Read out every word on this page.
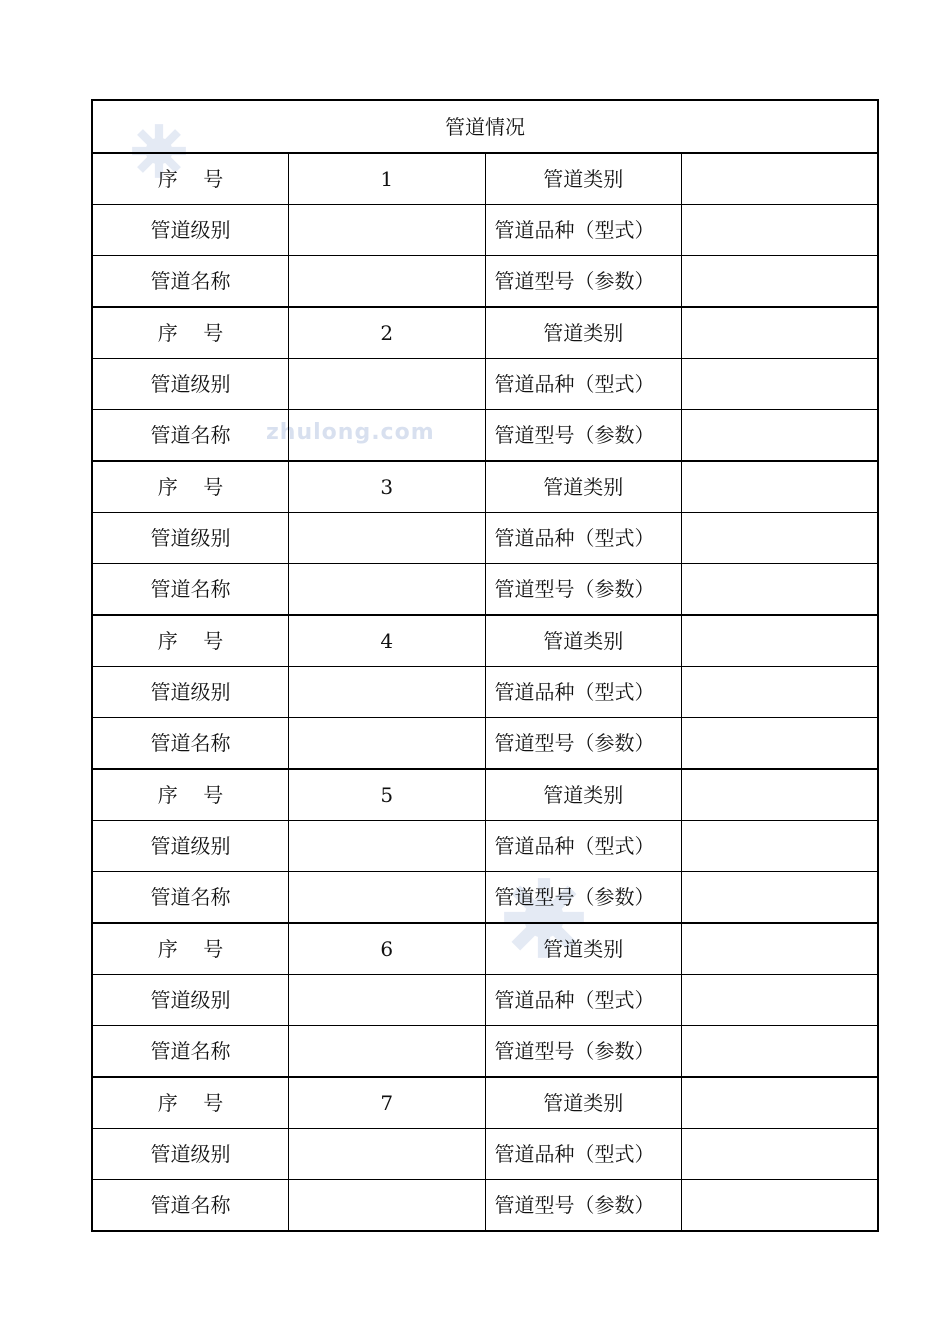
zhulong.com
管道情况			
序    号	1	管道类别	
管道级别		管道品种（型式）	
管道名称		管道型号（参数）	
序    号	2	管道类别	
管道级别		管道品种（型式）	
管道名称		管道型号（参数）	
序    号	3	管道类别	
管道级别		管道品种（型式）	
管道名称		管道型号（参数）	
序    号	4	管道类别	
管道级别		管道品种（型式）	
管道名称		管道型号（参数）	
序    号	5	管道类别	
管道级别		管道品种（型式）	
管道名称		管道型号（参数）	
序    号	6	管道类别	
管道级别		管道品种（型式）	
管道名称		管道型号（参数）	
序    号	7	管道类别	
管道级别		管道品种（型式）	
管道名称		管道型号（参数）	
